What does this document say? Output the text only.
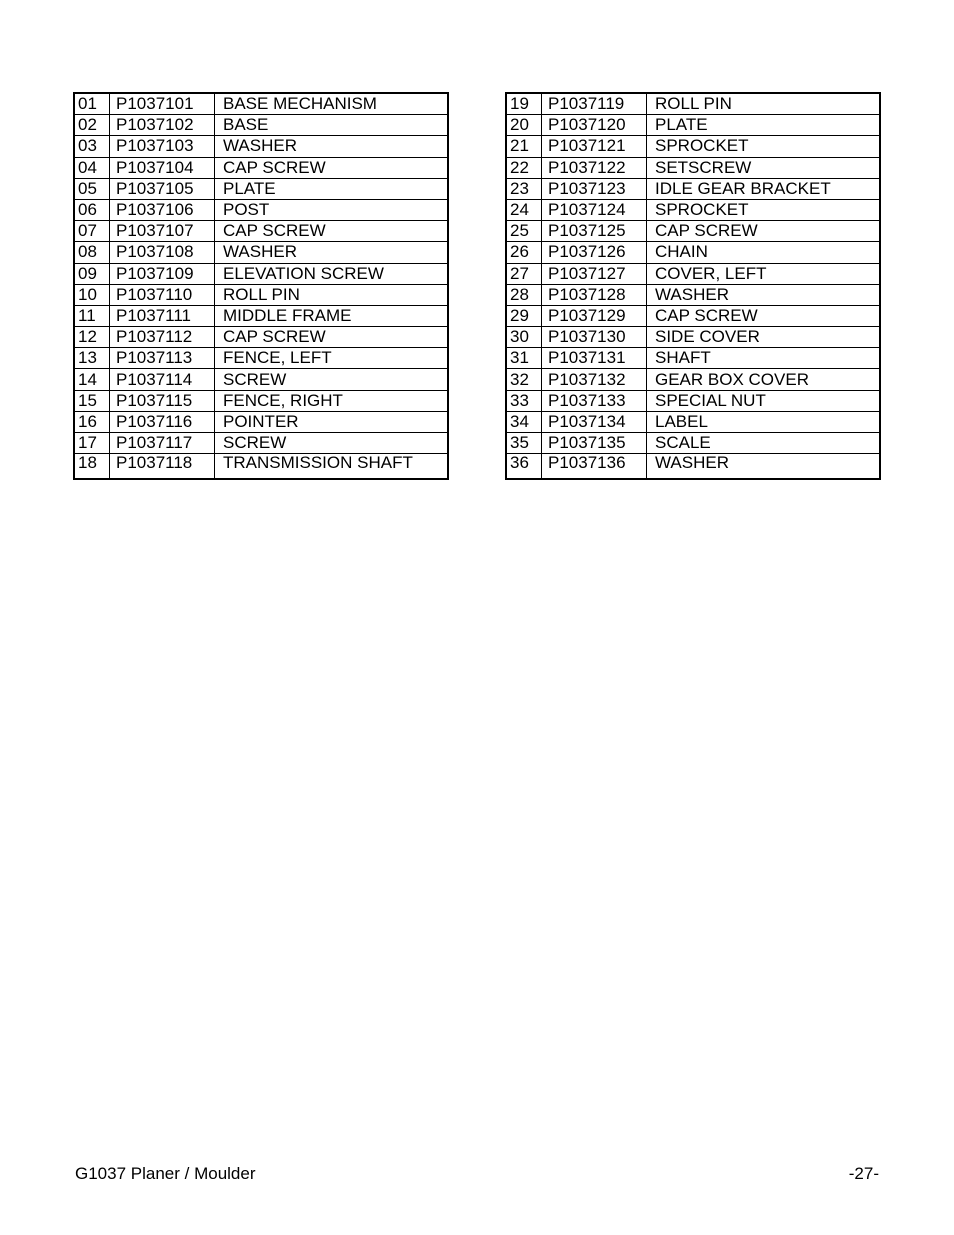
01	P1037101	BASE MECHANISM
02	P1037102	BASE
03	P1037103	WASHER
04	P1037104	CAP SCREW
05	P1037105	PLATE
06	P1037106	POST
07	P1037107	CAP SCREW
08	P1037108	WASHER
09	P1037109	ELEVATION SCREW
10	P1037110	ROLL PIN
11	P1037111	MIDDLE FRAME
12	P1037112	CAP SCREW
13	P1037113	FENCE, LEFT
14	P1037114	SCREW
15	P1037115	FENCE, RIGHT
16	P1037116	POINTER
17	P1037117	SCREW
18	P1037118	TRANSMISSION SHAFT
19	P1037119	ROLL PIN
20	P1037120	PLATE
21	P1037121	SPROCKET
22	P1037122	SETSCREW
23	P1037123	IDLE GEAR BRACKET
24	P1037124	SPROCKET
25	P1037125	CAP SCREW
26	P1037126	CHAIN
27	P1037127	COVER, LEFT
28	P1037128	WASHER
29	P1037129	CAP SCREW
30	P1037130	SIDE COVER
31	P1037131	SHAFT
32	P1037132	GEAR BOX COVER
33	P1037133	SPECIAL NUT
34	P1037134	LABEL
35	P1037135	SCALE
36	P1037136	WASHER
G1037 Planer / Moulder	-27-
